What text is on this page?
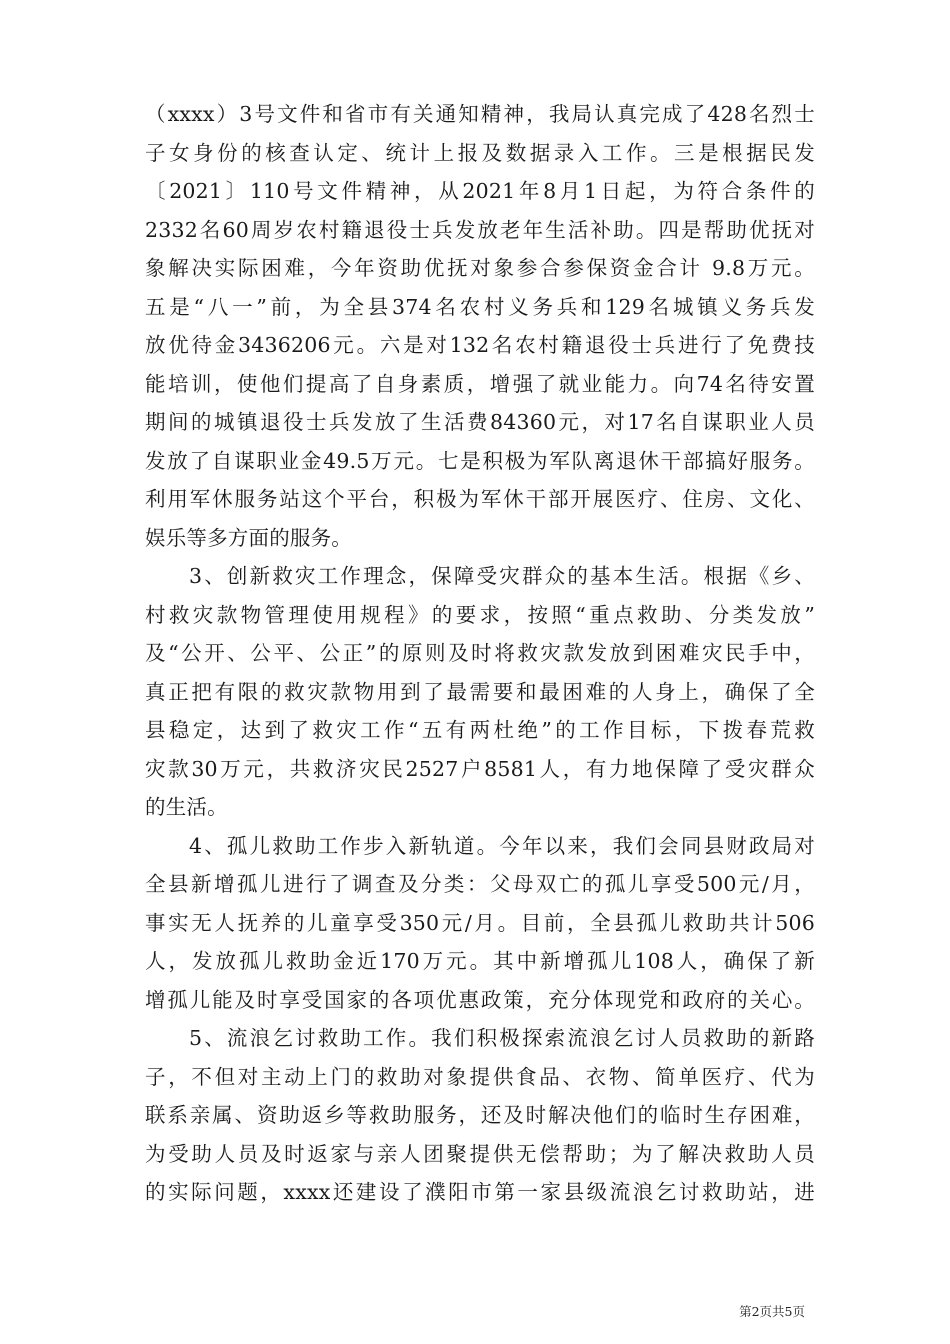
（xxxx）3号文件和省市有关通知精神，我局认真完成了428名烈士
子女身份的核查认定、统计上报及数据录入工作。三是根据民发
〔2021〕110号文件精神，从2021年8月1日起，为符合条件的
2332名60周岁农村籍退役士兵发放老年生活补助。四是帮助优抚对
象解决实际困难，今年资助优抚对象参合参保资金合计 9.8万元。
五是“八一”前，为全县374名农村义务兵和129名城镇义务兵发
放优待金3436206元。六是对132名农村籍退役士兵进行了免费技
能培训，使他们提高了自身素质，增强了就业能力。向74名待安置
期间的城镇退役士兵发放了生活费84360元，对17名自谋职业人员
发放了自谋职业金49.5万元。七是积极为军队离退休干部搞好服务。
利用军休服务站这个平台，积极为军休干部开展医疗、住房、文化、
娱乐等多方面的服务。
3、创新救灾工作理念，保障受灾群众的基本生活。根据《乡、
村救灾款物管理使用规程》的要求，按照“重点救助、分类发放”
及“公开、公平、公正”的原则及时将救灾款发放到困难灾民手中，
真正把有限的救灾款物用到了最需要和最困难的人身上，确保了全
县稳定，达到了救灾工作“五有两杜绝”的工作目标，下拨春荒救
灾款30万元，共救济灾民2527户8581人，有力地保障了受灾群众
的生活。
4、孤儿救助工作步入新轨道。今年以来，我们会同县财政局对
全县新增孤儿进行了调查及分类：父母双亡的孤儿享受500元/月，
事实无人抚养的儿童享受350元/月。目前，全县孤儿救助共计506
人，发放孤儿救助金近170万元。其中新增孤儿108人，确保了新
增孤儿能及时享受国家的各项优惠政策，充分体现党和政府的关心。
5、流浪乞讨救助工作。我们积极探索流浪乞讨人员救助的新路
子，不但对主动上门的救助对象提供食品、衣物、简单医疗、代为
联系亲属、资助返乡等救助服务，还及时解决他们的临时生存困难，
为受助人员及时返家与亲人团聚提供无偿帮助；为了解决救助人员
的实际问题，xxxx还建设了濮阳市第一家县级流浪乞讨救助站，进
第2页共5页
